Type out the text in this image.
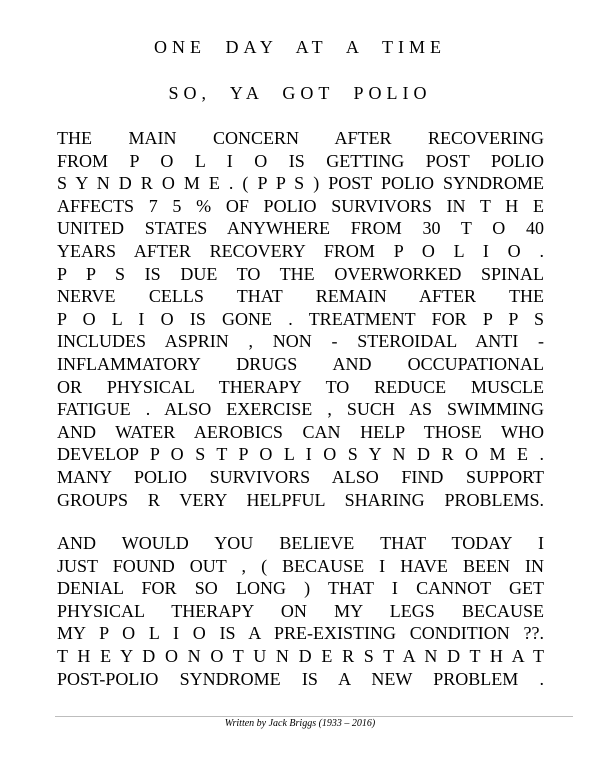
ONE DAY AT A TIME
SO, YA GOT POLIO
THE MAIN CONCERN AFTER RECOVERING
FROM P O L I O IS GETTING POST POLIO
S Y N D R O M E . ( P P S ) POST POLIO SYNDROME
AFFECTS 7 5 % OF POLIO SURVIVORS IN T H E
UNITED STATES ANYWHERE FROM 30 T O 40
YEARS AFTER RECOVERY FROM P O L I O .
P P S IS DUE TO THE OVERWORKED SPINAL
NERVE CELLS THAT REMAIN AFTER THE
P O L I O IS GONE . TREATMENT FOR P P S
INCLUDES ASPRIN , NON - STEROIDAL ANTI -
INFLAMMATORY DRUGS AND OCCUPATIONAL
OR PHYSICAL THERAPY TO REDUCE MUSCLE
FATIGUE . ALSO EXERCISE , SUCH AS SWIMMING
AND WATER AEROBICS CAN HELP THOSE WHO
DEVELOP P O S T P O L I O S Y N D R O M E .
MANY POLIO SURVIVORS ALSO FIND SUPPORT
GROUPS R VERY HELPFUL SHARING PROBLEMS.
AND WOULD YOU BELIEVE THAT TODAY I
JUST FOUND OUT , ( BECAUSE I HAVE BEEN IN
DENIAL FOR SO LONG ) THAT I CANNOT GET
PHYSICAL THERAPY ON MY LEGS BECAUSE
MY P O L I O IS A PRE-EXISTING CONDITION ??.
T H E Y D O N O T U N D E R S T A N D T H A T
POST-POLIO SYNDROME IS A NEW PROBLEM .
Written by Jack Briggs (1933 – 2016)
